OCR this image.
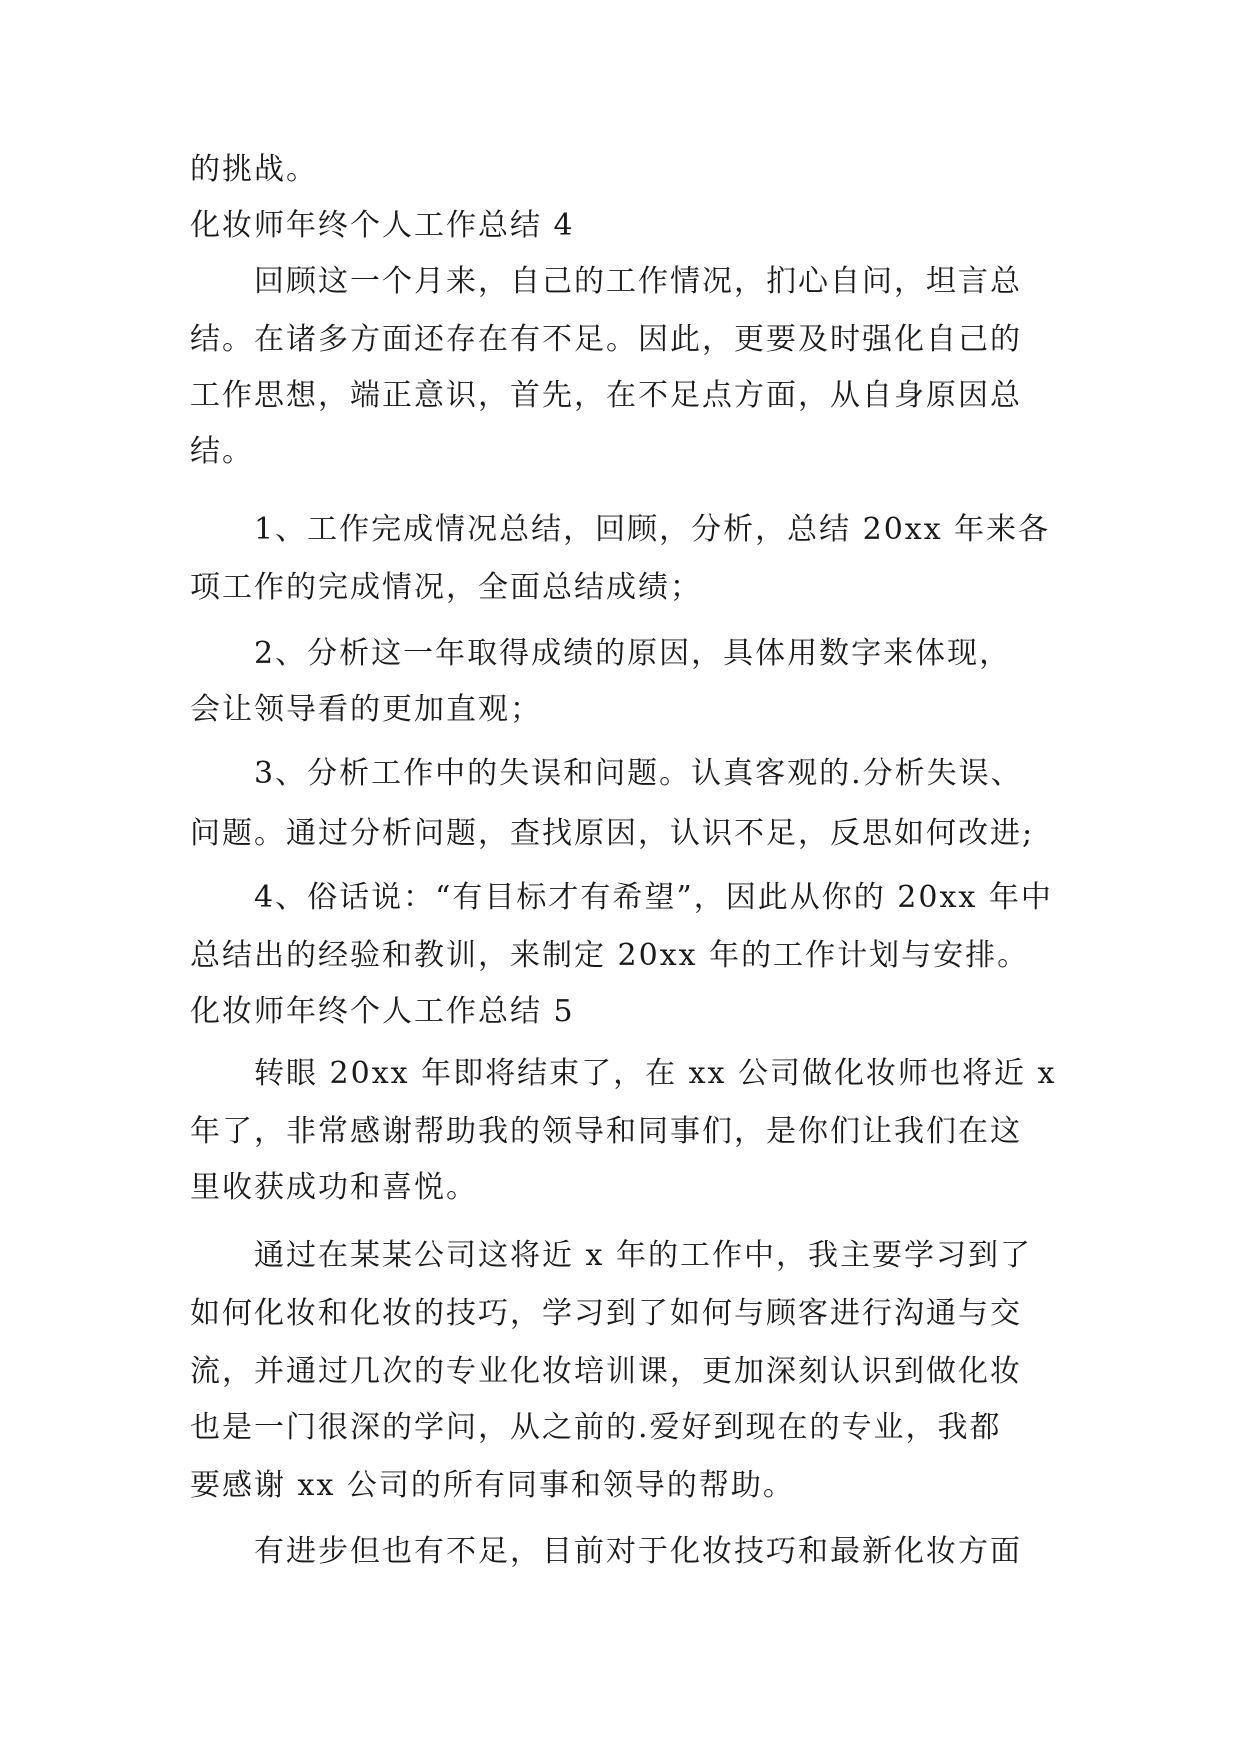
的挑战。
化妆师年终个人工作总结 4
回顾这一个月来，自己的工作情况，扪心自问，坦言总
结。在诸多方面还存在有不足。因此，更要及时强化自己的
工作思想，端正意识，首先，在不足点方面，从自身原因总
结。
1、工作完成情况总结，回顾，分析，总结 20xx 年来各
项工作的完成情况，全面总结成绩；
2、分析这一年取得成绩的原因，具体用数字来体现，
会让领导看的更加直观；
3、分析工作中的失误和问题。认真客观的.分析失误、
问题。通过分析问题，查找原因，认识不足，反思如何改进;
4、俗话说：“有目标才有希望”，因此从你的 20xx 年中
总结出的经验和教训，来制定 20xx 年的工作计划与安排。
化妆师年终个人工作总结 5
转眼 20xx 年即将结束了，在 xx 公司做化妆师也将近 x
年了，非常感谢帮助我的领导和同事们，是你们让我们在这
里收获成功和喜悦。
通过在某某公司这将近 x 年的工作中，我主要学习到了
如何化妆和化妆的技巧，学习到了如何与顾客进行沟通与交
流，并通过几次的专业化妆培训课，更加深刻认识到做化妆
也是一门很深的学问，从之前的.爱好到现在的专业，我都
要感谢 xx 公司的所有同事和领导的帮助。
有进步但也有不足，目前对于化妆技巧和最新化妆方面
